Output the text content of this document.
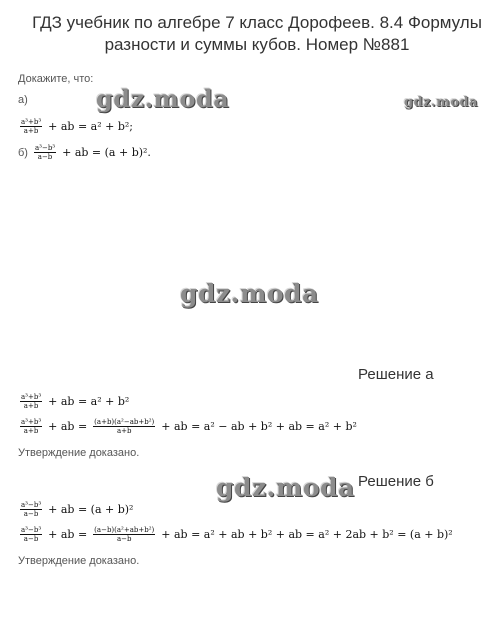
ГДЗ учебник по алгебре 7 класс Дорофеев. 8.4 Формулы разности и суммы кубов. Номер №881
Докажите, что:
а)	gdz.moda	gdz.moda
gdz.moda
gdz.moda
$\frac{\text{a³+b³}}{a+b}$ + ab = a² + b²;
$б) \frac{\text{a³−b³}}{a-b}$ + ab = (a + b)².
Решение а
$\frac{\text{a³+b³}}{a+b}$ + ab = a² + b²
$\frac{\text{a³+b³}}{a+b}$ + ab = $\frac{\text{(a+b)(a²−ab+b²)}}{a+b}$ + ab = a² − ab + b² + ab = a² + b²
Утверждение доказано.
Решение б
$\frac{\text{a³−b³}}{a-b}$ + ab = (a + b)²
$\frac{\text{a³−b³}}{a-b}$ + ab = $\frac{\text{(a−b)(a²+ab+b²)}}{a-b}$ + ab = a² + ab + b² + ab = a² + 2ab + b² = (a + b)²
Утверждение доказано.
